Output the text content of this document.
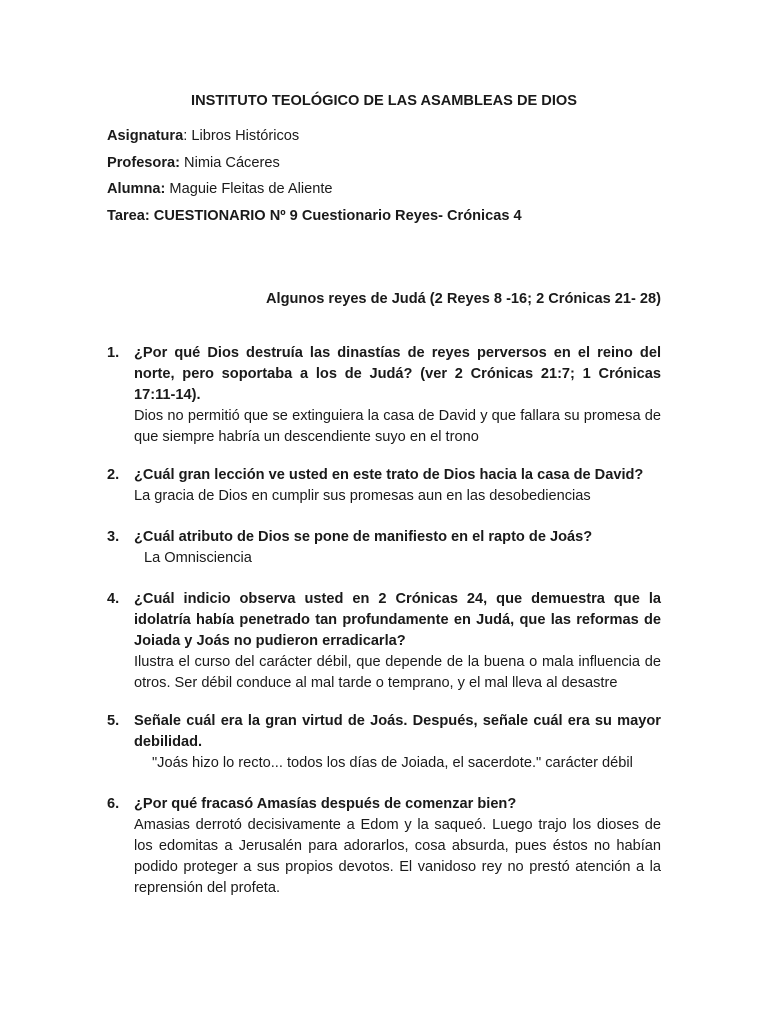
INSTITUTO TEOLÓGICO DE LAS ASAMBLEAS DE DIOS
Asignatura: Libros Históricos
Profesora: Nimia Cáceres
Alumna: Maguie Fleitas de Aliente
Tarea: CUESTIONARIO Nº 9 Cuestionario Reyes- Crónicas 4
Algunos reyes de Judá (2 Reyes 8 -16; 2 Crónicas 21- 28)
1. ¿Por qué Dios destruía las dinastías de reyes perversos en el reino del norte, pero soportaba a los de Judá? (ver 2 Crónicas 21:7; 1 Crónicas 17:11-14).
Dios no permitió que se extinguiera la casa de David y que fallara su promesa de que siempre habría un descendiente suyo en el trono
2. ¿Cuál gran lección ve usted en este trato de Dios hacia la casa de David?
La gracia de Dios en cumplir sus promesas aun en las desobediencias
3. ¿Cuál atributo de Dios se pone de manifiesto en el rapto de Joás?
La Omnisciencia
4. ¿Cuál indicio observa usted en 2 Crónicas 24, que demuestra que la idolatría había penetrado tan profundamente en Judá, que las reformas de Joiada y Joás no pudieron erradicarla?
Ilustra el curso del carácter débil, que depende de la buena o mala influencia de otros. Ser débil conduce al mal tarde o temprano, y el mal lleva al desastre
5. Señale cuál era la gran virtud de Joás. Después, señale cuál era su mayor debilidad.
"Joás hizo lo recto... todos los días de Joiada, el sacerdote." carácter débil
6. ¿Por qué fracasó Amasías después de comenzar bien?
Amasias derrotó decisivamente a Edom y la saqueó. Luego trajo los dioses de los edomitas a Jerusalén para adorarlos, cosa absurda, pues éstos no habían podido proteger a sus propios devotos. El vanidoso rey no prestó atención a la reprensión del profeta.
